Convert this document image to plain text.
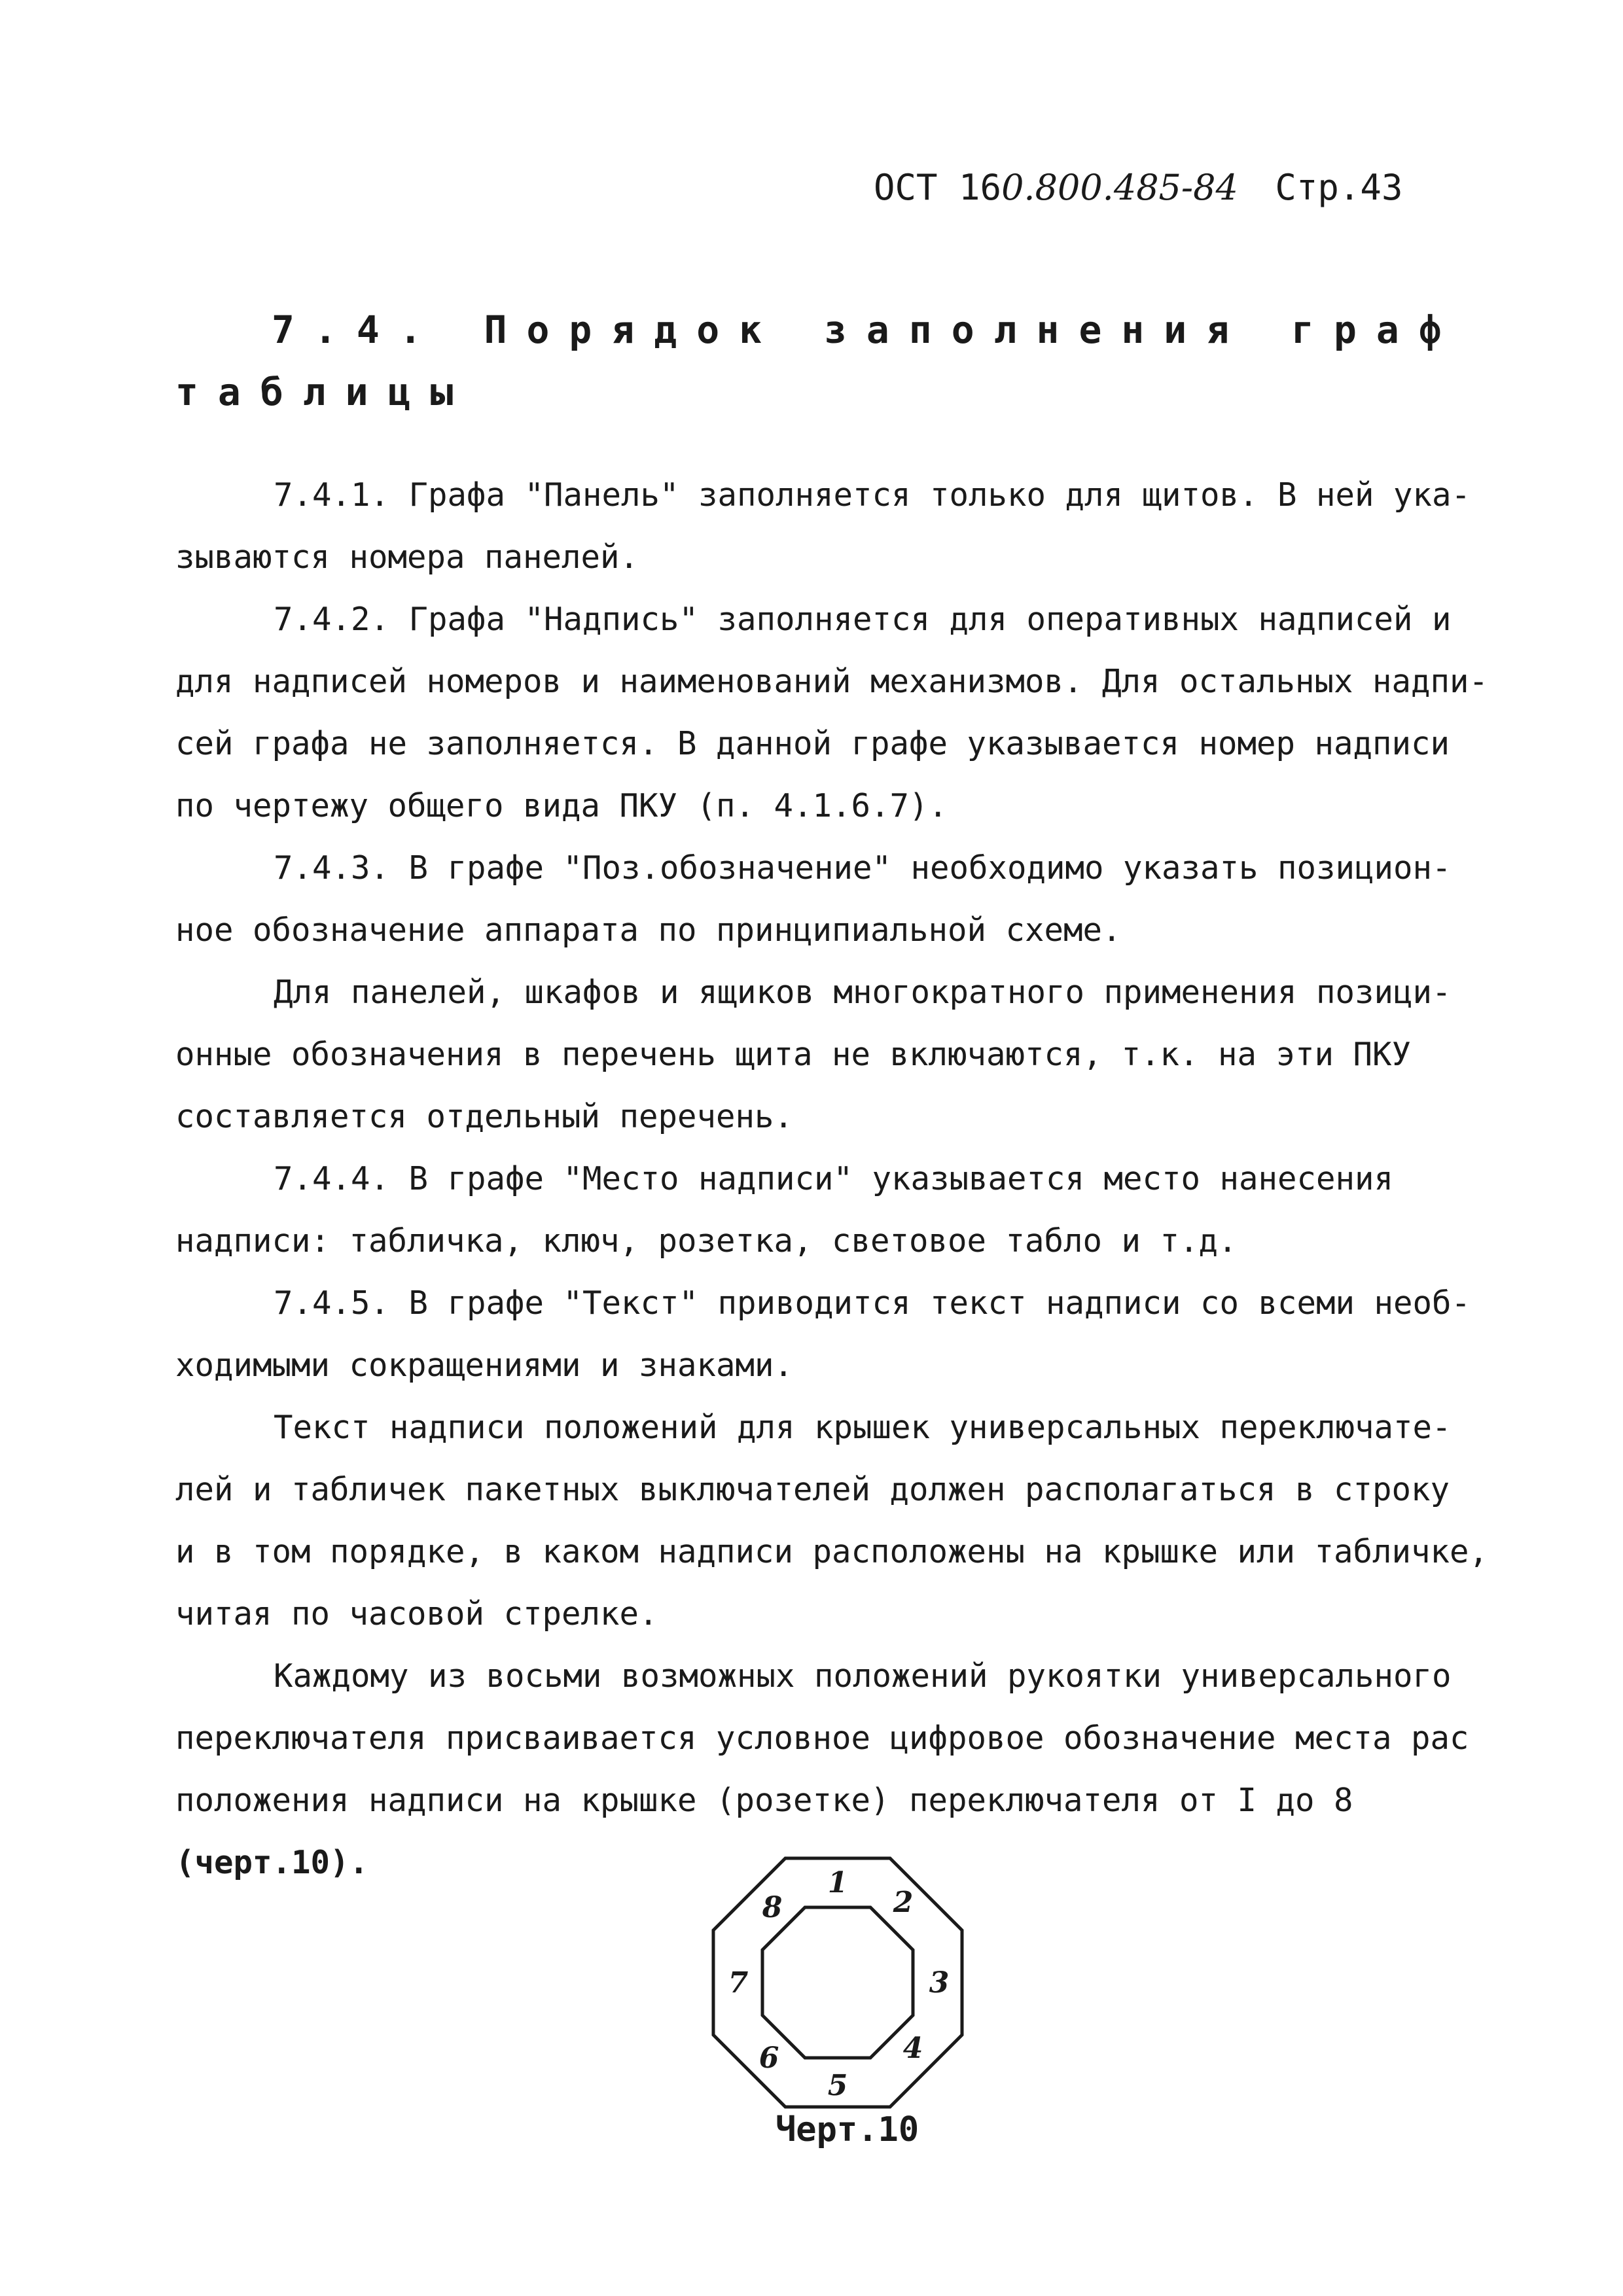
ОСТ 160.800.485-84 Стр.43
7.4. Порядок заполнения граф
таблицы
7.4.1. Графа "Панель" заполняется только для щитов. В ней ука-
зываются номера панелей.
7.4.2. Графа "Надпись" заполняется для оперативных надписей и
для надписей номеров и наименований механизмов. Для остальных надпи-
сей графа не заполняется. В данной графе указывается номер надписи
по чертежу общего вида ПКУ (п. 4.1.6.7).
7.4.3. В графе "Поз.обозначение" необходимо указать позицион-
ное обозначение аппарата по принципиальной схеме.
Для панелей, шкафов и ящиков многократного применения позици-
онные обозначения в перечень щита не включаются, т.к. на эти ПКУ
составляется отдельный перечень.
7.4.4. В графе "Место надписи" указывается место нанесения
надписи: табличка, ключ, розетка, световое табло и т.д.
7.4.5. В графе "Текст" приводится текст надписи со всеми необ-
ходимыми сокращениями и знаками.
Текст надписи положений для крышек универсальных переключате-
лей и табличек пакетных выключателей должен располагаться в строку
и в том порядке, в каком надписи расположены на крышке или табличке,
читая по часовой стрелке.
Каждому из восьми возможных положений рукоятки универсального
переключателя присваивается условное цифровое обозначение места рас
положения надписи на крышке (розетке) переключателя от I до 8
(черт.10).
1
2
3
4
5
6
7
8
Черт.10
